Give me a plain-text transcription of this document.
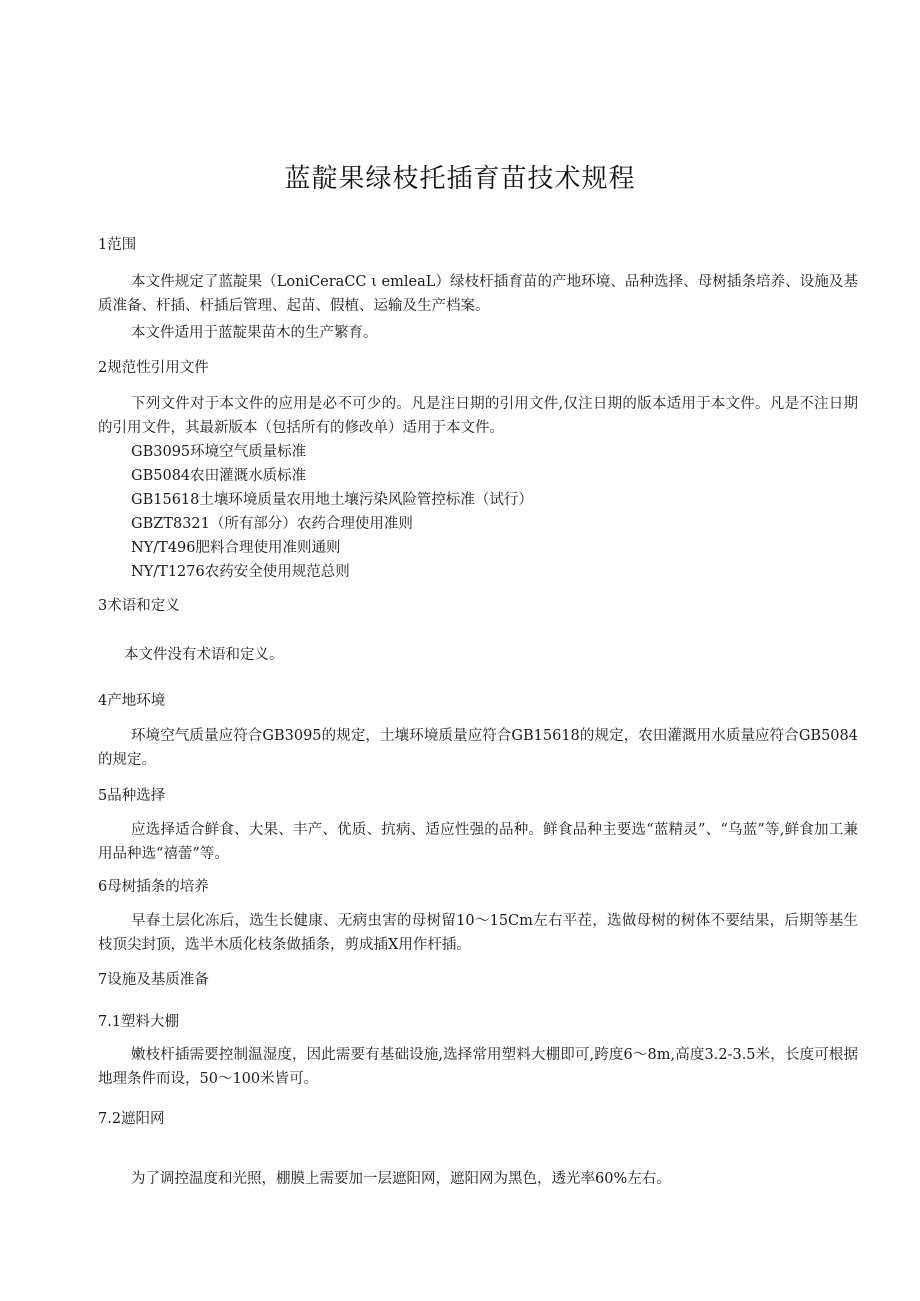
蓝靛果绿枝托插育苗技术规程
1范围
本文件规定了蓝靛果（LoniCeraCC ι emleaL）绿枝杆插育苗的产地环境、品种选择、母树插条培养、设施及基质准备、杆插、杆插后管理、起苗、假植、运输及生产档案。
本文件适用于蓝靛果苗木的生产繁育。
2规范性引用文件
下列文件对于本文件的应用是必不可少的。凡是注日期的引用文件,仅注日期的版本适用于本文件。凡是不注日期的引用文件，其最新版本（包括所有的修改单）适用于本文件。
GB3095环境空气质量标准
GB5084农田灌溉水质标准
GB15618土壤环境质量农用地土壤污染风险管控标准（试行）
GBZT8321（所有部分）农药合理使用准则
NY/T496肥料合理使用准则通则
NY/T1276农药安全使用规范总则
3术语和定义
本文件没有术语和定义。
4产地环境
环境空气质量应符合GB3095的规定，土壤环境质量应符合GB15618的规定，农田灌溉用水质量应符合GB5084的规定。
5品种选择
应选择适合鲜食、大果、丰产、优质、抗病、适应性强的品种。鲜食品种主要选“蓝精灵”、“乌蓝”等,鲜食加工兼用品种选“禧蕾”等。
6母树插条的培养
早春土层化冻后，选生长健康、无病虫害的母树留10～15Cm左右平茬，选做母树的树体不要结果，后期等基生枝顶尖封顶，选半木质化枝条做插条，剪成插X用作杆插。
7设施及基质准备
7.1塑料大棚
嫩枝杆插需要控制温湿度，因此需要有基础设施,选择常用塑料大棚即可,跨度6～8m,高度3.2-3.5米，长度可根据地理条件而设，50～100米皆可。
7.2遮阳网
为了调控温度和光照，棚膜上需要加一层遮阳网，遮阳网为黑色，透光率60%左右。
